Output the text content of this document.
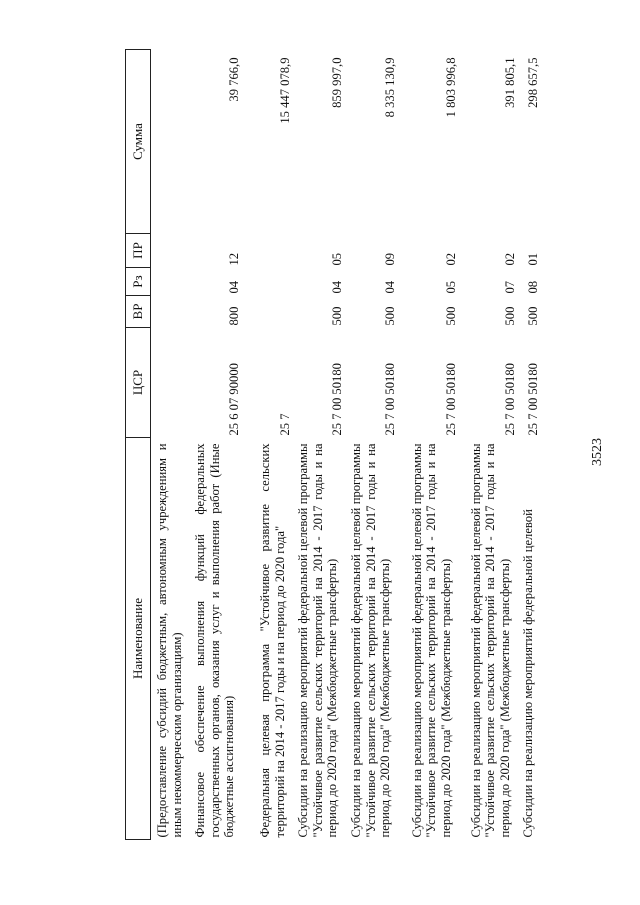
3523
Наименование	ЦСР	ВР	Рз	ПР	Сумма
(Предоставление субсидий бюджетным, автономным учреждениям и иным некоммерческим организациям)					
Финансовое обеспечение выполнения функций федеральных государственных органов, оказания услуг и выполнения работ (Иные бюджетные ассигнования)	25 6 07 90000	800	04	12	39 766,0

Федеральная целевая программа "Устойчивое развитие сельских территорий на 2014 - 2017 годы и на период до 2020 года"	25 7				15 447 078,9
Субсидии на реализацию мероприятий федеральной целевой программы "Устойчивое развитие сельских территорий на 2014 - 2017 годы и на период до 2020 года" (Межбюджетные трансферты)	25 7 00 50180	500	04	05	859 997,0
Субсидии на реализацию мероприятий федеральной целевой программы "Устойчивое развитие сельских территорий на 2014 - 2017 годы и на период до 2020 года" (Межбюджетные трансферты)	25 7 00 50180	500	04	09	8 335 130,9

Субсидии на реализацию мероприятий федеральной целевой программы "Устойчивое развитие сельских территорий на 2014 - 2017 годы и на период до 2020 года" (Межбюджетные трансферты)	25 7 00 50180	500	05	02	1 803 996,8

Субсидии на реализацию мероприятий федеральной целевой программы "Устойчивое развитие сельских территорий на 2014 - 2017 годы и на период до 2020 года" (Межбюджетные трансферты)	25 7 00 50180	500	07	02	391 805,1
Субсидии на реализацию мероприятий федеральной целевой	25 7 00 50180	500	08	01	298 657,5
